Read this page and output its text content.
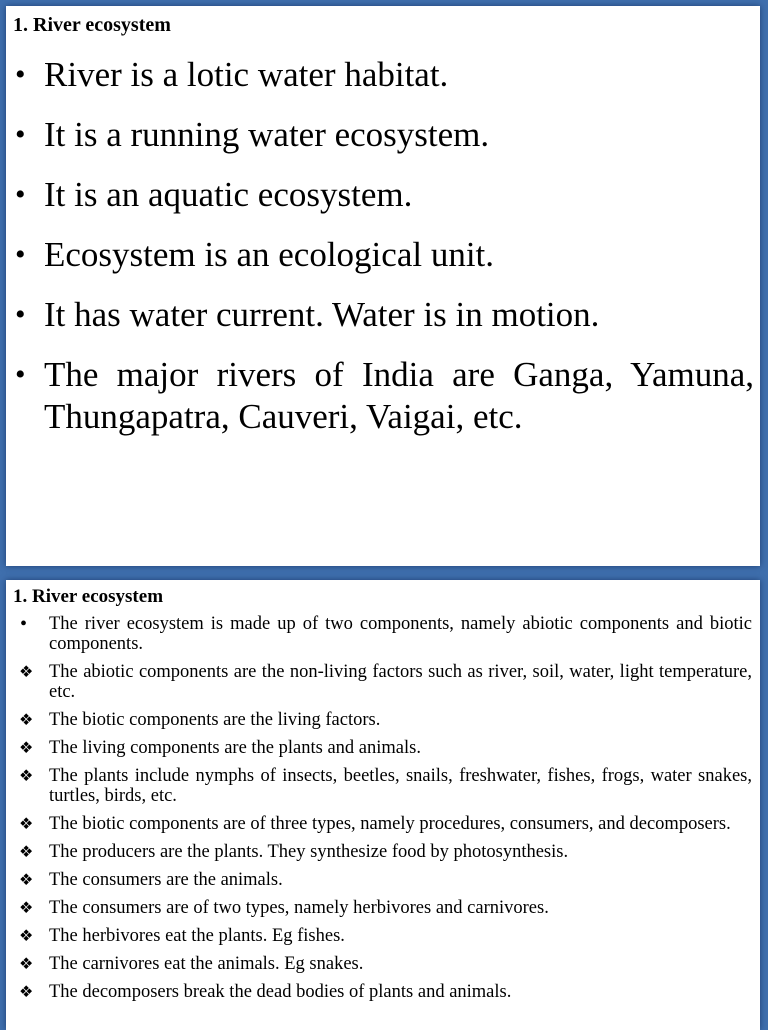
1. River ecosystem
• River is a lotic water habitat.
• It is a running water ecosystem.
• It is an aquatic ecosystem.
• Ecosystem is an ecological unit.
• It has water current. Water is in motion.
• The major rivers of India are Ganga, Yamuna, Thungapatra, Cauveri, Vaigai, etc.
1. River ecosystem
• The river ecosystem is made up of two components, namely abiotic components and biotic components.
❖ The abiotic components are the non-living factors such as river, soil, water, light temperature, etc.
❖ The biotic components are the living factors.
❖ The living components are the plants and animals.
❖ The plants include nymphs of insects, beetles, snails, freshwater, fishes, frogs, water snakes, turtles, birds, etc.
❖ The biotic components are of three types, namely procedures, consumers, and decomposers.
❖ The producers are the plants. They synthesize food by photosynthesis.
❖ The consumers are the animals.
❖ The consumers are of two types, namely herbivores and carnivores.
❖ The herbivores eat the plants. Eg fishes.
❖ The carnivores eat the animals. Eg snakes.
❖ The decomposers break the dead bodies of plants and animals.
